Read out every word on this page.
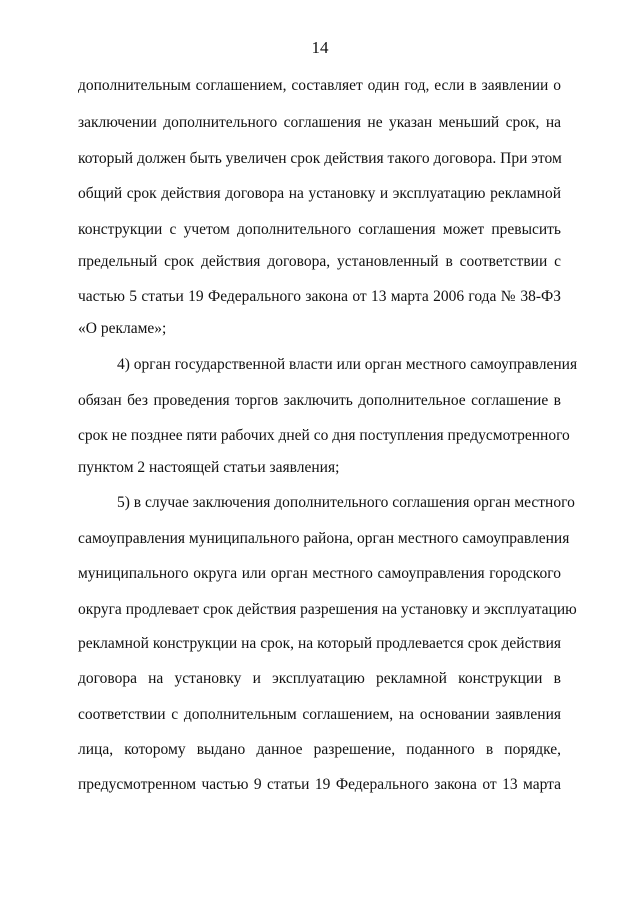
14
дополнительным соглашением, составляет один год, если в заявлении о
заключении дополнительного соглашения не указан меньший срок, на
который должен быть увеличен срок действия такого договора. При этом
общий срок действия договора на установку и эксплуатацию рекламной
конструкции с учетом дополнительного соглашения может превысить
предельный срок действия договора, установленный в соответствии с
частью 5 статьи 19 Федерального закона от 13 марта 2006 года № 38-ФЗ
«О рекламе»;
4) орган государственной власти или орган местного самоуправления
обязан без проведения торгов заключить дополнительное соглашение в
срок не позднее пяти рабочих дней со дня поступления предусмотренного
пунктом 2 настоящей статьи заявления;
5) в случае заключения дополнительного соглашения орган местного
самоуправления муниципального района, орган местного самоуправления
муниципального округа или орган местного самоуправления городского
округа продлевает срок действия разрешения на установку и эксплуатацию
рекламной конструкции на срок, на который продлевается срок действия
договора на установку и эксплуатацию рекламной конструкции в
соответствии с дополнительным соглашением, на основании заявления
лица, которому выдано данное разрешение, поданного в порядке,
предусмотренном частью 9 статьи 19 Федерального закона от 13 марта
